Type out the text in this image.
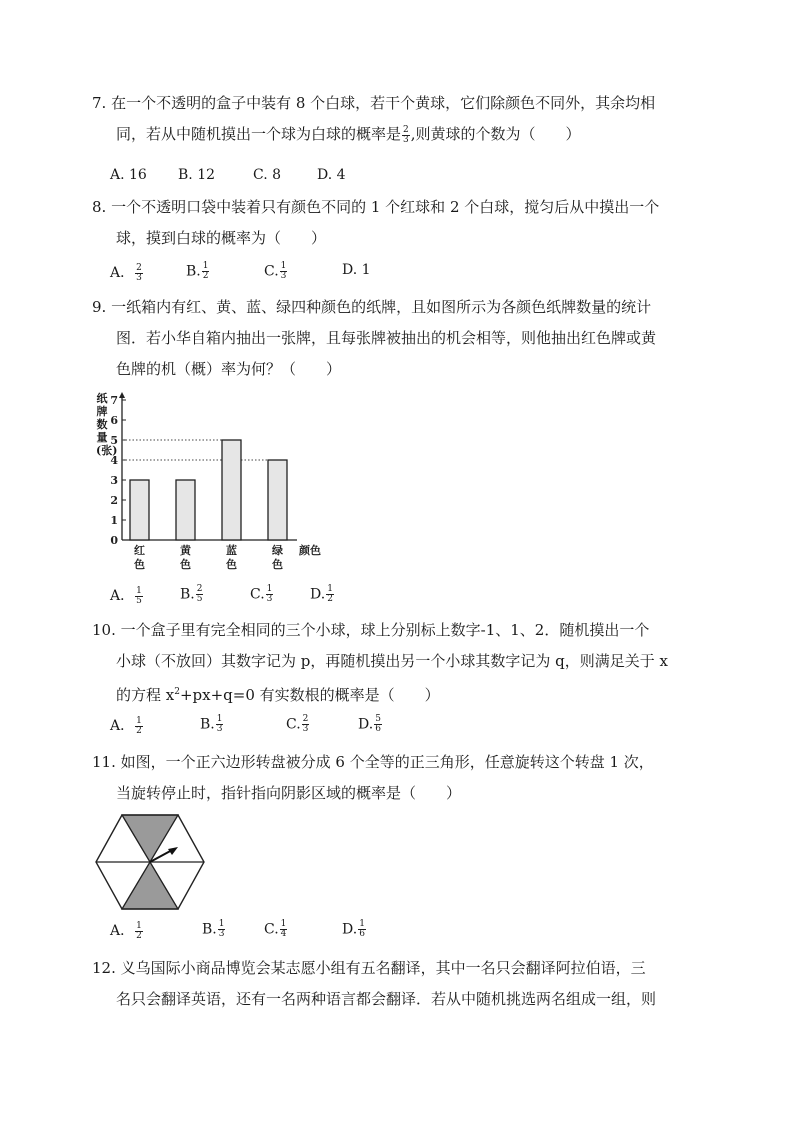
7. 在一个不透明的盒子中装有 8 个白球，若干个黄球，它们除颜色不同外，其余均相
同，若从中随机摸出一个球为白球的概率是 $\frac{2}{3}$ ,则黄球的个数为（　　）
A. 16 B. 12	C. 8	D. 4
8. 一个不透明口袋中装着只有颜色不同的 1 个红球和 2 个白球，搅匀后从中摸出一个
球，摸到白球的概率为（　　）
A． $\frac{2}{3}$	B. $\frac{1}{2}$	C. $\frac{1}{3}$	D. 1
9. 一纸箱内有红、黄、蓝、绿四种颜色的纸牌，且如图所示为各颜色纸牌数量的统计
图．若小华自箱内抽出一张牌，且每张牌被抽出的机会相等，则他抽出红色牌或黄
色牌的机（概）率为何？（　　）
纸牌数量(张)
0
1
2
3
4
5
6
7
红
色
黄
色
蓝
色
绿
色
颜色
A． $\frac{1}{5}$	B. $\frac{2}{5}$	C. $\frac{1}{3}$	D. $\frac{1}{2}$
10. 一个盒子里有完全相同的三个小球，球上分别标上数字-1、1、2．随机摸出一个
小球（不放回）其数字记为 p，再随机摸出另一个小球其数字记为 q，则满足关于 x
的方程 $x^2+px+q=0$ 有实数根的概率是（　　）
A． $\frac{1}{2}$	B. $\frac{1}{3}$	C. $\frac{2}{3}$	D. $\frac{5}{6}$
11. 如图，一个正六边形转盘被分成 6 个全等的正三角形，任意旋转这个转盘 1 次，
当旋转停止时，指针指向阴影区域的概率是（　　）
A． $\frac{1}{2}$	B. $\frac{1}{3}$	C. $\frac{1}{4}$	D. $\frac{1}{6}$
12. 义乌国际小商品博览会某志愿小组有五名翻译，其中一名只会翻译阿拉伯语，三
名只会翻译英语，还有一名两种语言都会翻译．若从中随机挑选两名组成一组，则
